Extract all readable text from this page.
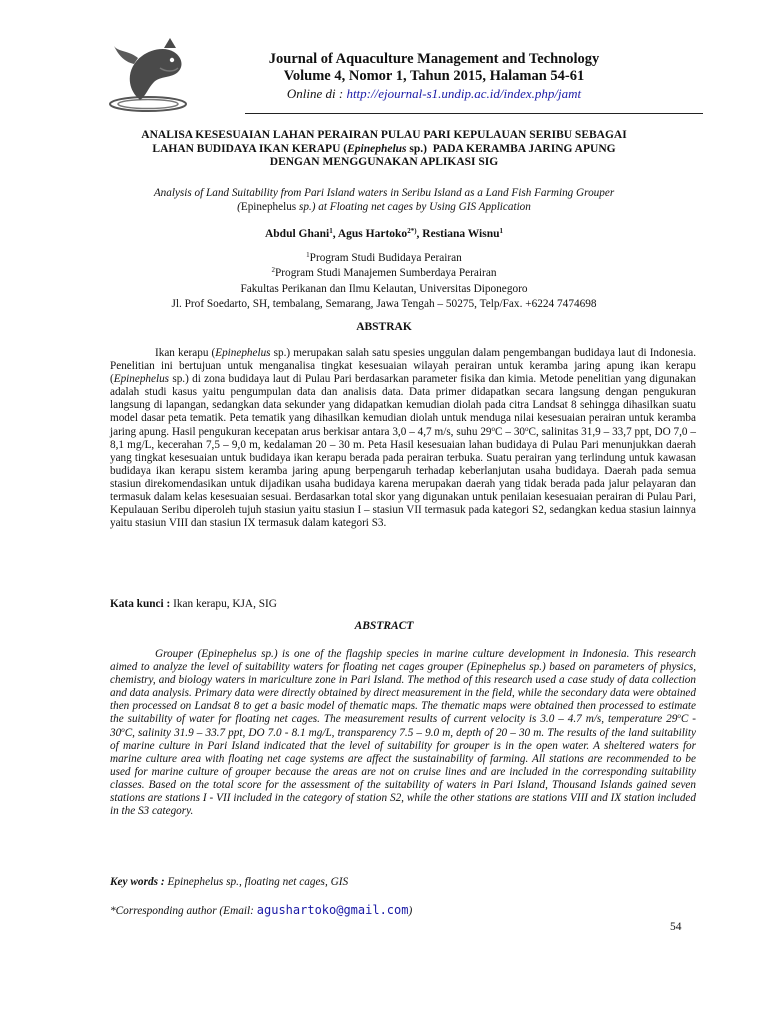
Journal of Aquaculture Management and Technology
Volume 4, Nomor 1, Tahun 2015, Halaman 54-61
Online di : http://ejournal-s1.undip.ac.id/index.php/jamt
ANALISA KESESUAIAN LAHAN PERAIRAN PULAU PARI KEPULAUAN SERIBU SEBAGAI
LAHAN BUDIDAYA IKAN KERAPU (Epinephelus sp.)  PADA KERAMBA JARING APUNG
DENGAN MENGGUNAKAN APLIKASI SIG
Analysis of Land Suitability from Pari Island waters in Seribu Island as a Land Fish Farming Grouper
(Epinephelus sp.) at Floating net cages by Using GIS Application
Abdul Ghani$^1$, Agus Hartoko$^{2*)}$, Restiana Wisnu$^1$
$^1$Program Studi Budidaya Perairan
$^2$Program Studi Manajemen Sumberdaya Perairan
Fakultas Perikanan dan Ilmu Kelautan, Universitas Diponegoro
Jl. Prof Soedarto, SH, tembalang, Semarang, Jawa Tengah – 50275, Telp/Fax. +6224 7474698
ABSTRAK

Ikan kerapu (Epinephelus sp.) merupakan salah satu spesies unggulan dalam pengembangan budidaya laut di Indonesia. Penelitian ini bertujuan untuk menganalisa tingkat kesesuaian wilayah perairan untuk keramba jaring apung ikan kerapu (Epinephelus sp.) di zona budidaya laut di Pulau Pari berdasarkan parameter fisika dan kimia. Metode penelitian yang digunakan adalah studi kasus yaitu pengumpulan data dan analisis data. Data primer didapatkan secara langsung dengan pengukuran langsung di lapangan, sedangkan data sekunder yang didapatkan kemudian diolah pada citra Landsat 8 sehingga dihasilkan suatu model dasar peta tematik. Peta tematik yang dihasilkan kemudian diolah untuk menduga nilai kesesuaian perairan untuk keramba jaring apung. Hasil pengukuran kecepatan arus berkisar antara 3,0 – 4,7 m/s, suhu 29$^o$C – 30$^o$C, salinitas 31,9 – 33,7 ppt, DO 7,0 – 8,1 mg/L, kecerahan 7,5 – 9,0 m, kedalaman 20 – 30 m. Peta Hasil kesesuaian lahan budidaya di Pulau Pari menunjukkan daerah yang tingkat kesesuaian untuk budidaya ikan kerapu berada pada perairan terbuka. Suatu perairan yang terlindung untuk kawasan budidaya ikan kerapu sistem keramba jaring apung berpengaruh terhadap keberlanjutan usaha budidaya. Daerah pada semua stasiun direkomendasikan untuk dijadikan usaha budidaya karena merupakan daerah yang tidak berada pada jalur pelayaran dan termasuk dalam kelas kesesuaian sesuai. Berdasarkan total skor yang digunakan untuk penilaian kesesuaian perairan di Pulau Pari, Kepulauan Seribu diperoleh tujuh stasiun yaitu stasiun I – stasiun VII termasuk pada kategori S2, sedangkan kedua stasiun lainnya yaitu stasiun VIII dan stasiun IX termasuk dalam kategori S3.

Kata kunci : Ikan kerapu, KJA, SIG
ABSTRACT

Grouper (Epinephelus sp.) is one of the flagship species in marine culture development in Indonesia. This research aimed to analyze the level of suitability waters for floating net cages grouper (Epinephelus sp.) based on parameters of physics, chemistry, and biology waters in mariculture zone in Pari Island. The method of this research used a case study of data collection and data analysis. Primary data were directly obtained by direct measurement in the field, while the secondary data were obtained then processed on Landsat 8 to get a basic model of thematic maps. The thematic maps were obtained then processed to estimate the suitability of water for floating net cages. The measurement results of current velocity is 3.0 – 4.7 m/s, temperature 29$^o$C - 30$^o$C, salinity 31.9 – 33.7 ppt, DO 7.0 - 8.1 mg/L, transparency 7.5 – 9.0 m, depth of 20 – 30 m. The results of the land suitability of marine culture in Pari Island indicated that the level of suitability for grouper is in the open water. A sheltered waters for marine culture area with floating net cage systems are affect the sustainability of farming. All stations are recommended to be used for marine culture of grouper because the areas are not on cruise lines and are included in the corresponding suitability classes. Based on the total score for the assessment of the suitability of waters in Pari Island, Thousand Islands gained seven stations are stations I - VII included in the category of station S2, while the other stations are stations VIII and IX station included in the S3 category.

Key words : Epinephelus sp., floating net cages, GIS
*Corresponding author (Email: agushartoko@gmail.com)
54
